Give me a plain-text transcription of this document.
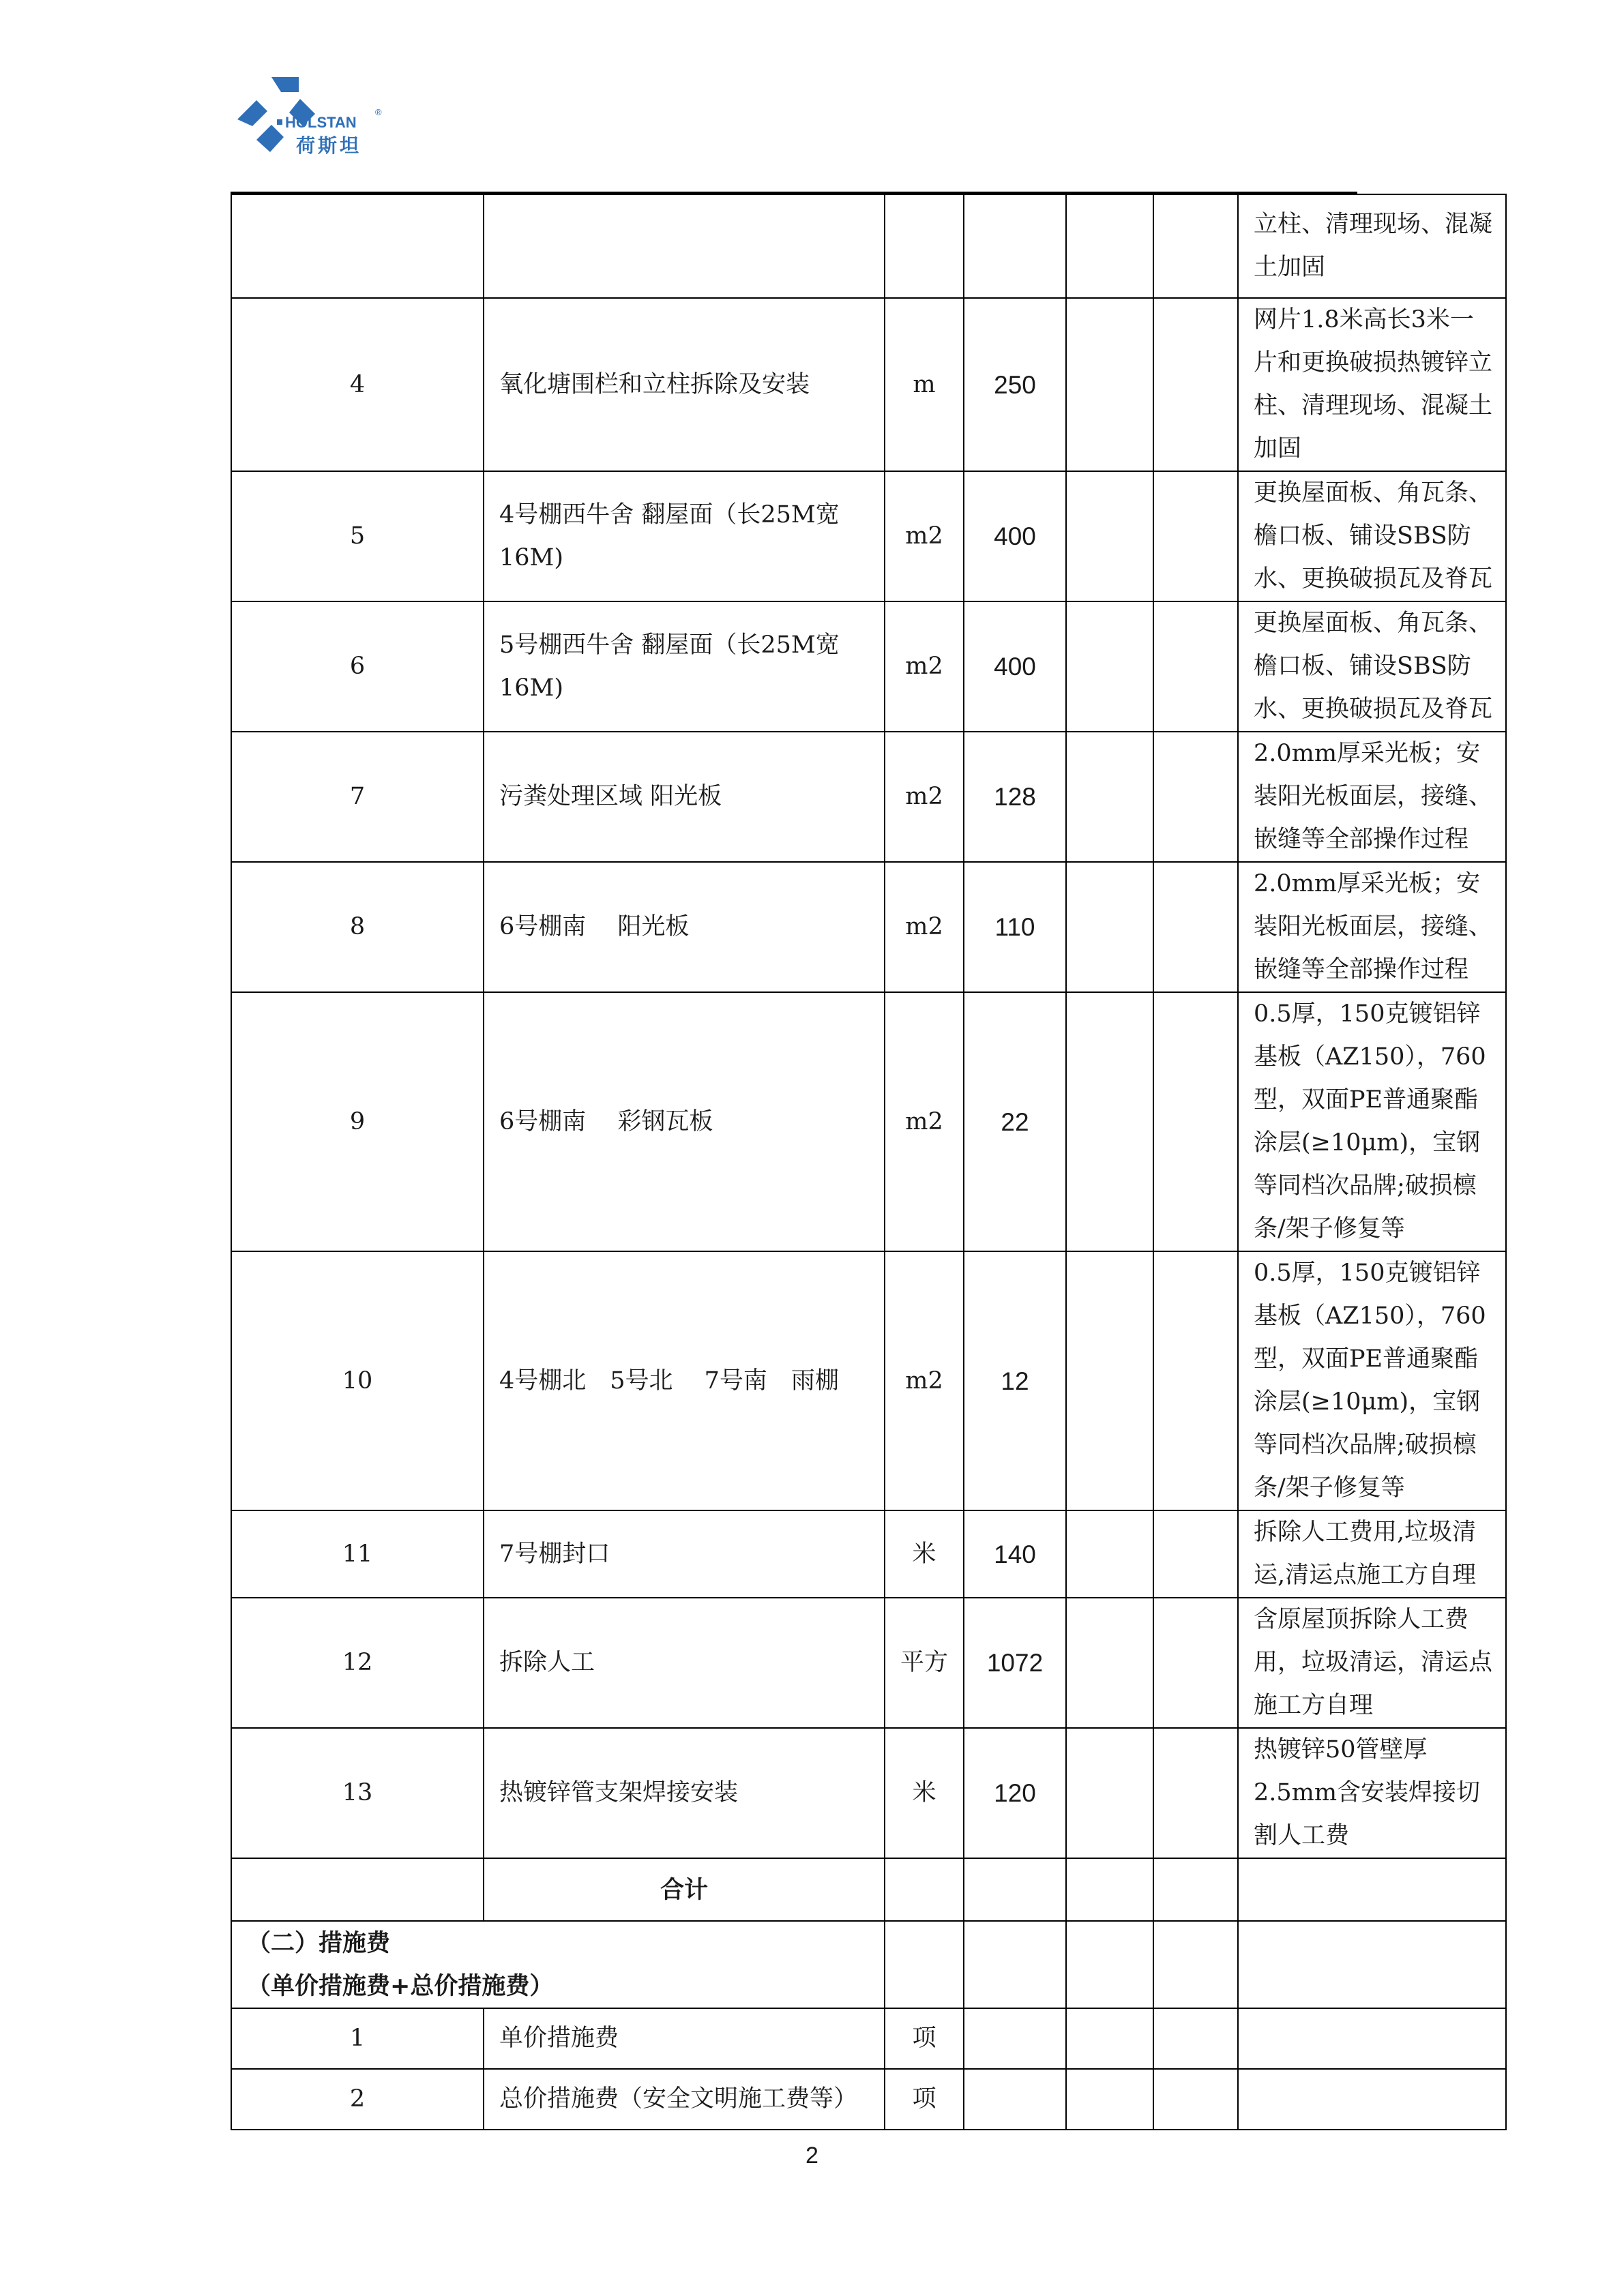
HOLSTAN
®
荷斯坦

						立柱、清理现场、混凝土加固

4	氧化塘围栏和立柱拆除及安装	m	250			网片1.8米高长3米一片和更换破损热镀锌立柱、清理现场、混凝土加固
5	4号棚西牛舍 翻屋面（长25M宽16M)	m2	400			更换屋面板、角瓦条、檐口板、铺设SBS防水、更换破损瓦及脊瓦
6	5号棚西牛舍 翻屋面（长25M宽16M)	m2	400			更换屋面板、角瓦条、檐口板、铺设SBS防水、更换破损瓦及脊瓦
7	污粪处理区域 阳光板	m2	128			2.0mm厚采光板；安装阳光板面层，接缝、嵌缝等全部操作过程
8	6号棚南　 阳光板	m2	110			2.0mm厚采光板；安装阳光板面层，接缝、嵌缝等全部操作过程
9	6号棚南　 彩钢瓦板	m2	22			0.5厚，150克镀铝锌基板（AZ150），760型，双面PE普通聚酯涂层(≥10μm)，宝钢等同档次品牌;破损檩条/架子修复等
10	4号棚北　5号北　 7号南　雨棚	m2	12			0.5厚，150克镀铝锌基板（AZ150），760型，双面PE普通聚酯涂层(≥10μm)，宝钢等同档次品牌;破损檩条/架子修复等
11	7号棚封口	米	140			拆除人工费用,垃圾清运,清运点施工方自理
12	拆除人工	平方	1072			含原屋顶拆除人工费用，垃圾清运，清运点施工方自理
13	热镀锌管支架焊接安装	米	120			热镀锌50管壁厚2.5mm含安装焊接切割人工费
	合计					

（二）措施费
（单价措施费+总价措施费）						

1	单价措施费	项				
2	总价措施费（安全文明施工费等）	项				
2
